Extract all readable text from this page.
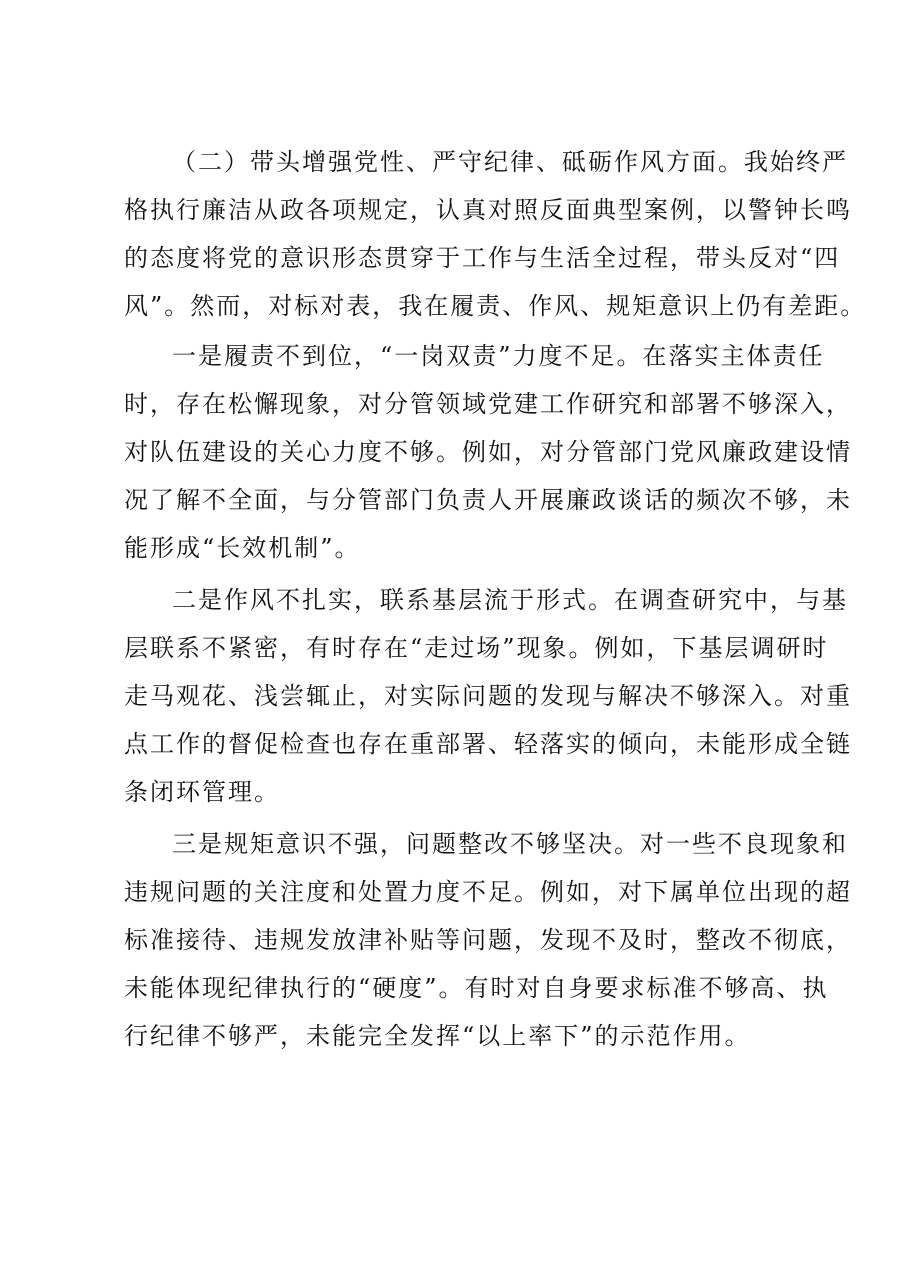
（二）带头增强党性、严守纪律、砥砺作风方面。我始终严
格执行廉洁从政各项规定，认真对照反面典型案例，以警钟长鸣
的态度将党的意识形态贯穿于工作与生活全过程，带头反对“四
风”。然而，对标对表，我在履责、作风、规矩意识上仍有差距。
一是履责不到位，“一岗双责”力度不足。在落实主体责任
时，存在松懈现象，对分管领域党建工作研究和部署不够深入，
对队伍建设的关心力度不够。例如，对分管部门党风廉政建设情
况了解不全面，与分管部门负责人开展廉政谈话的频次不够，未
能形成“长效机制”。
二是作风不扎实，联系基层流于形式。在调查研究中，与基
层联系不紧密，有时存在“走过场”现象。例如，下基层调研时
走马观花、浅尝辄止，对实际问题的发现与解决不够深入。对重
点工作的督促检查也存在重部署、轻落实的倾向，未能形成全链
条闭环管理。
三是规矩意识不强，问题整改不够坚决。对一些不良现象和
违规问题的关注度和处置力度不足。例如，对下属单位出现的超
标准接待、违规发放津补贴等问题，发现不及时，整改不彻底，
未能体现纪律执行的“硬度”。有时对自身要求标准不够高、执
行纪律不够严，未能完全发挥“以上率下”的示范作用。
